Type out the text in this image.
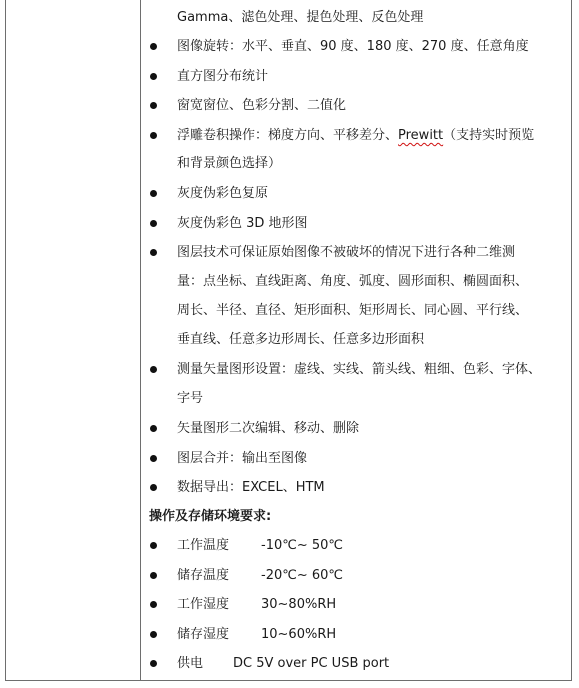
Gamma、滤色处理、提色处理、反色处理
图像旋转：水平、垂直、90 度、180 度、270 度、任意角度
直方图分布统计
窗宽窗位、色彩分割、二值化
浮雕卷积操作：梯度方向、平移差分、Prewitt（支持实时预览
和背景颜色选择）
灰度伪彩色复原
灰度伪彩色 3D 地形图
图层技术可保证原始图像不被破坏的情况下进行各种二维测
量：点坐标、直线距离、角度、弧度、圆形面积、椭圆面积、
周长、半径、直径、矩形面积、矩形周长、同心圆、平行线、
垂直线、任意多边形周长、任意多边形面积
测量矢量图形设置：虚线、实线、箭头线、粗细、色彩、字体、
字号
矢量图形二次编辑、移动、删除
图层合并：输出至图像
数据导出：EXCEL、HTM
操作及存储环境要求:
工作温度 -10℃~ 50℃
储存温度 -20℃~ 60℃
工作湿度 30~80%RH
储存湿度 10~60%RH
供电 DC 5V over PC USB port
